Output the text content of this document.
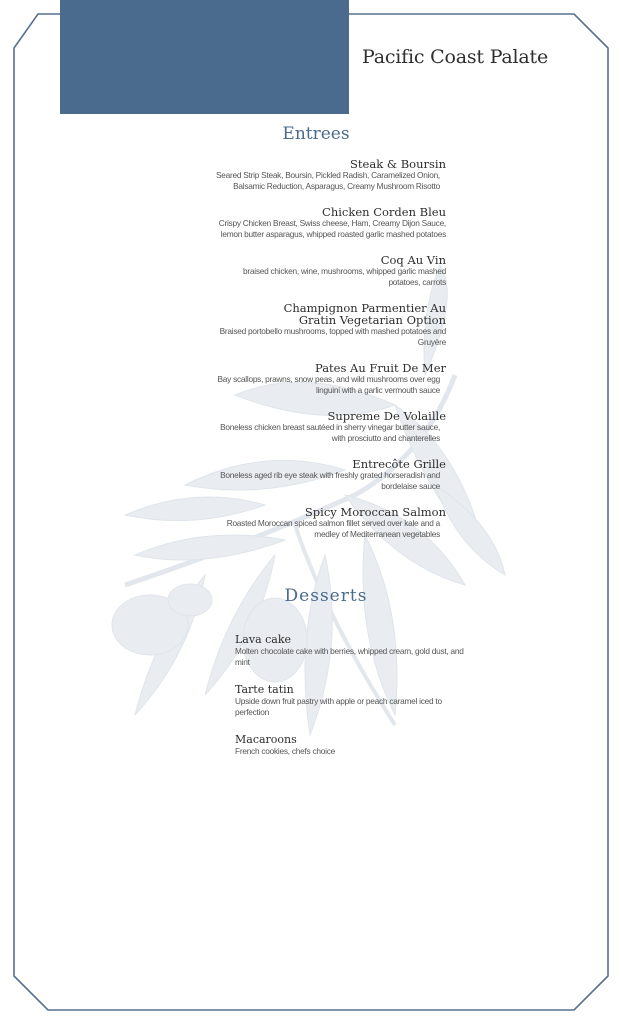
Pacific Coast Palate
Entrees
Steak & Boursin
Seared Strip Steak, Boursin, Pickled Radish, Caramelized Onion, Balsamic Reduction, Asparagus, Creamy Mushroom Risotto
Chicken Corden Bleu
Crispy Chicken Breast, Swiss cheese, Ham, Creamy Dijon Sauce, lemon butter asparagus, whipped roasted garlic mashed potatoes
Coq Au Vin
braised chicken, wine, mushrooms, whipped garlic mashed potatoes, carrots
Champignon Parmentier Au Gratin Vegetarian Option
Braised portobello mushrooms, topped with mashed potatoes and Gruyère
Pates Au Fruit De Mer
Bay scallops, prawns, snow peas, and wild mushrooms over egg linguini with a garlic vermouth sauce
Supreme De Volaille
Boneless chicken breast sautéed in sherry vinegar butter sauce, with prosciutto and chanterelles
Entrecôte Grille
Boneless aged rib eye steak with freshly grated horseradish and bordelaise sauce
Spicy Moroccan Salmon
Roasted Moroccan spiced salmon fillet served over kale and a medley of Mediterranean vegetables
Desserts
Lava cake
Molten chocolate cake with berries, whipped cream, gold dust, and mint
Tarte tatin
Upside down fruit pastry with apple or peach caramel iced to perfection
Macaroons
French cookies, chefs choice
